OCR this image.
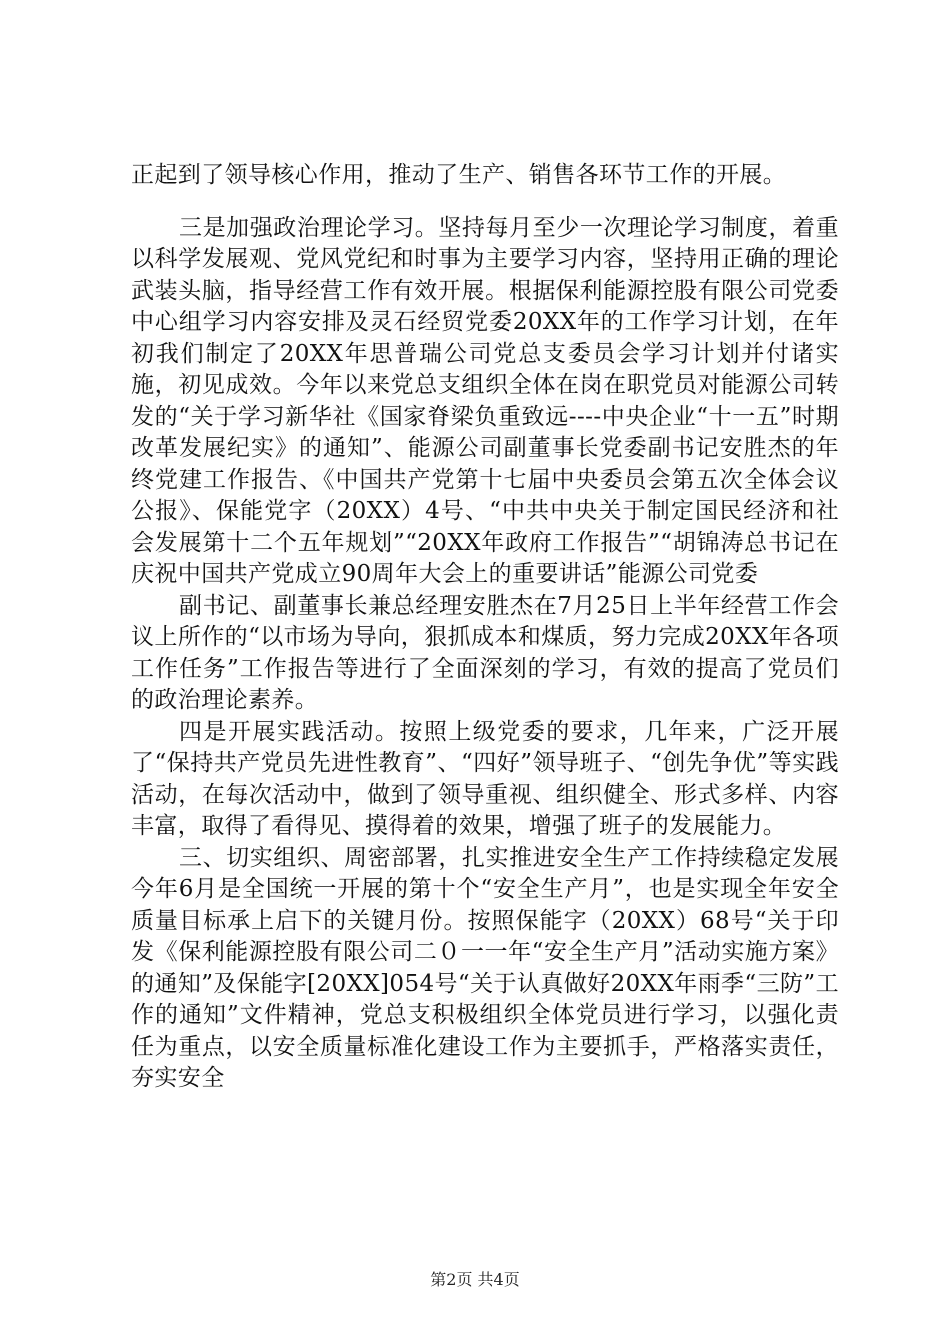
正起到了领导核心作用，推动了生产、销售各环节工作的开展。

三是加强政治理论学习。坚持每月至少一次理论学习制度，着重以科学发展观、党风党纪和时事为主要学习内容，坚持用正确的理论武装头脑，指导经营工作有效开展。根据保利能源控股有限公司党委中心组学习内容安排及灵石经贸党委20XX年的工作学习计划，在年初我们制定了20XX年思普瑞公司党总支委员会学习计划并付诸实施，初见成效。今年以来党总支组织全体在岗在职党员对能源公司转发的“关于学习新华社《国家脊梁负重致远----中央企业“十一五”时期改革发展纪实》的通知”、能源公司副董事长党委副书记安胜杰的年终党建工作报告、《中国共产党第十七届中央委员会第五次全体会议公报》、保能党字（20XX）4号、“中共中央关于制定国民经济和社会发展第十二个五年规划”“20XX年政府工作报告”“胡锦涛总书记在庆祝中国共产党成立90周年大会上的重要讲话”能源公司党委

副书记、副董事长兼总经理安胜杰在7月25日上半年经营工作会议上所作的“以市场为导向，狠抓成本和煤质，努力完成20XX年各项工作任务”工作报告等进行了全面深刻的学习，有效的提高了党员们的政治理论素养。

四是开展实践活动。按照上级党委的要求，几年来，广泛开展了“保持共产党员先进性教育”、“四好”领导班子、“创先争优”等实践活动，在每次活动中，做到了领导重视、组织健全、形式多样、内容丰富，取得了看得见、摸得着的效果，增强了班子的发展能力。

三、切实组织、周密部署，扎实推进安全生产工作持续稳定发展今年6月是全国统一开展的第十个“安全生产月”，也是实现全年安全质量目标承上启下的关键月份。按照保能字（20XX）68号“关于印发《保利能源控股有限公司二０一一年“安全生产月”活动实施方案》的通知”及保能字[20XX]054号“关于认真做好20XX年雨季“三防”工作的通知”文件精神，党总支积极组织全体党员进行学习，以强化责任为重点，以安全质量标准化建设工作为主要抓手，严格落实责任，夯实安全

第2页 共4页
